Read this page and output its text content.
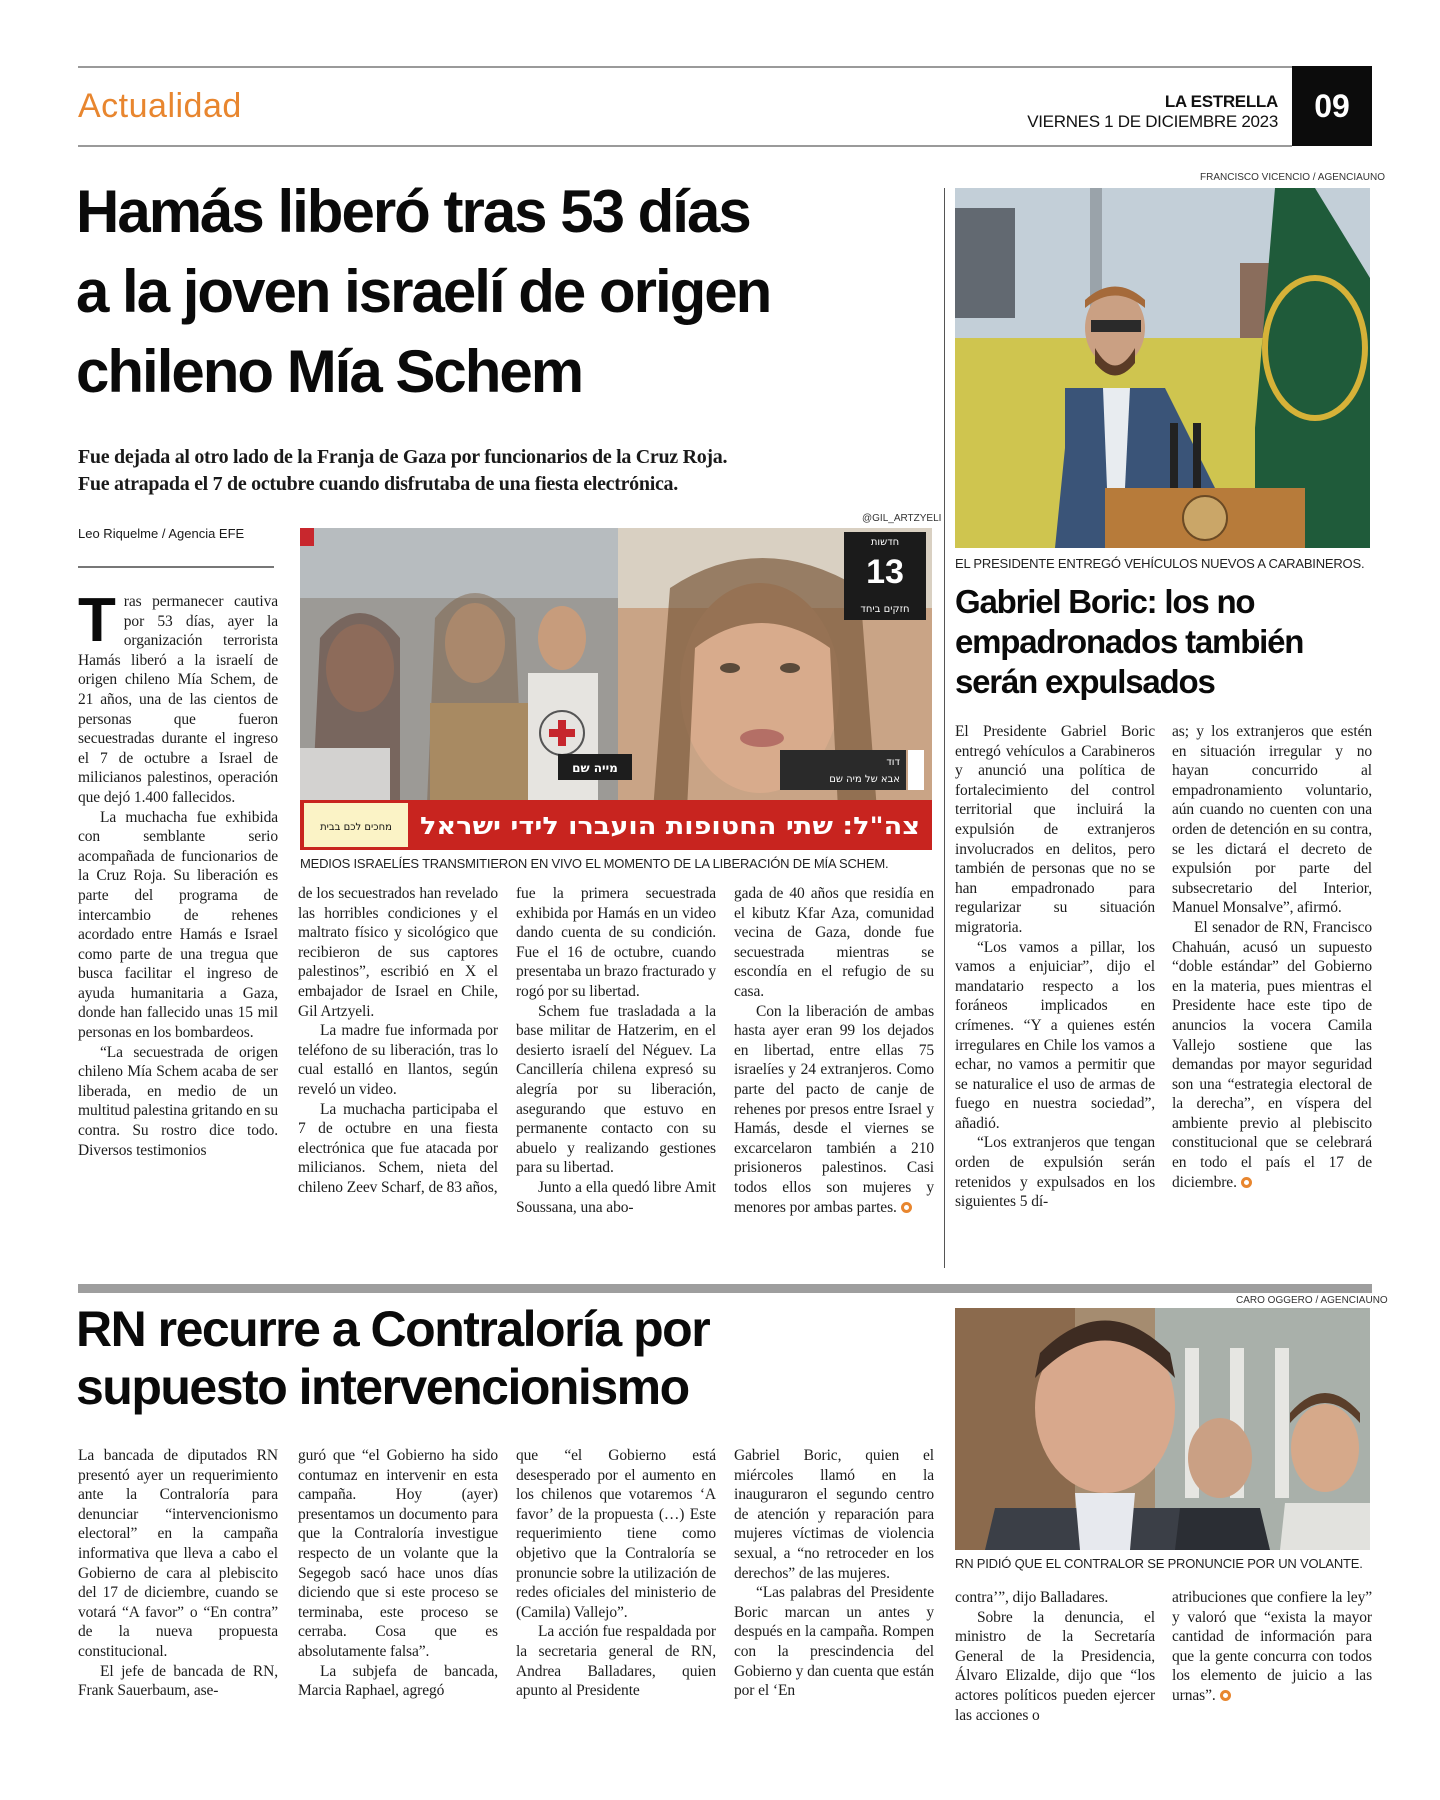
Actualidad	LA ESTRELLA
VIERNES 1 DE DICIEMBRE 2023	09
Hamás liberó tras 53 días
a la joven israelí de origen
chileno Mía Schem
Fue dejada al otro lado de la Franja de Gaza por funcionarios de la Cruz Roja.
Fue atrapada el 7 de octubre cuando disfrutaba de una fiesta electrónica.
Leo Riquelme / Agencia EFE
@GIL_ARTZYELI
חדשות
13
חזקים ביחד
מייה שם	דוד
אבא של מיה שם
מחכים לכם בבית צה"ל: שתי החטופות הועברו לידי ישראל
MEDIOS ISRAELÍES TRANSMITIERON EN VIVO EL MOMENTO DE LA LIBERACIÓN DE MÍA SCHEM.

Tras permanecer cautiva por 53 días, ayer la organización terrorista Hamás liberó a la israelí de origen chileno Mía Schem, de 21 años, una de las cientos de personas que fueron secuestradas durante el ingreso el 7 de octubre a Israel de milicianos palestinos, operación que dejó 1.400 fallecidos.

La muchacha fue exhibida con semblante serio acompañada de funcionarios de la Cruz Roja. Su liberación es parte del programa de intercambio de rehenes acordado entre Hamás e Israel como parte de una tregua que busca facilitar el ingreso de ayuda humanitaria a Gaza, donde han fallecido unas 15 mil personas en los bombardeos.

“La secuestrada de origen chileno Mía Schem acaba de ser liberada, en medio de un multitud palestina gritando en su contra. Su rostro dice todo. Diversos testimonios

de los secuestrados han revelado las horribles condiciones y el maltrato físico y sicológico que recibieron de sus captores palestinos”, escribió en X el embajador de Israel en Chile, Gil Artzyeli.

La madre fue informada por teléfono de su liberación, tras lo cual estalló en llantos, según reveló un video.

La muchacha participaba el 7 de octubre en una fiesta electrónica que fue atacada por milicianos. Schem, nieta del chileno Zeev Scharf, de 83 años,

fue la primera secuestrada exhibida por Hamás en un video dando cuenta de su condición. Fue el 16 de octubre, cuando presentaba un brazo fracturado y rogó por su libertad.

Schem fue trasladada a la base militar de Hatzerim, en el desierto israelí del Néguev. La Cancillería chilena expresó su alegría por su liberación, asegurando que estuvo en permanente contacto con su abuelo y realizando gestiones para su libertad.

Junto a ella quedó libre Amit Soussana, una abo-

gada de 40 años que residía en el kibutz Kfar Aza, comunidad vecina de Gaza, donde fue secuestrada mientras se escondía en el refugio de su casa.

Con la liberación de ambas hasta ayer eran 99 los dejados en libertad, entre ellas 75 israelíes y 24 extranjeros. Como parte del pacto de canje de rehenes por presos entre Israel y Hamás, desde el viernes se excarcelaron también a 210 prisioneros palestinos. Casi todos ellos son mujeres y menores por ambas partes.

FRANCISCO VICENCIO / AGENCIAUNO
EL PRESIDENTE ENTREGÓ VEHÍCULOS NUEVOS A CARABINEROS.
Gabriel Boric: los no
empadronados también
serán expulsados

El Presidente Gabriel Boric entregó vehículos a Carabineros y anunció una política de fortalecimiento del control territorial que incluirá la expulsión de extranjeros involucrados en delitos, pero también de personas que no se han empadronado para regularizar su situación migratoria.

“Los vamos a pillar, los vamos a enjuiciar”, dijo el mandatario respecto a los foráneos implicados en crímenes. “Y a quienes estén irregulares en Chile los vamos a echar, no vamos a permitir que se naturalice el uso de armas de fuego en nuestra sociedad”, añadió.

“Los extranjeros que tengan orden de expulsión serán retenidos y expulsados en los siguientes 5 dí-

as; y los extranjeros que estén en situación irregular y no hayan concurrido al empadronamiento voluntario, aún cuando no cuenten con una orden de detención en su contra, se les dictará el decreto de expulsión por parte del subsecretario del Interior, Manuel Monsalve”, afirmó.

El senador de RN, Francisco Chahuán, acusó un supuesto “doble estándar” del Gobierno en la materia, pues mientras el Presidente hace este tipo de anuncios la vocera Camila Vallejo sostiene que las demandas por mayor seguridad son una “estrategia electoral de la derecha”, en víspera del ambiente previo al plebiscito constitucional que se celebrará en todo el país el 17 de diciembre.

RN recurre a Contraloría por
supuesto intervencionismo
CARO OGGERO / AGENCIAUNO
RN PIDIÓ QUE EL CONTRALOR SE PRONUNCIE POR UN VOLANTE.

La bancada de diputados RN presentó ayer un requerimiento ante la Contraloría para denunciar “intervencionismo electoral” en la campaña informativa que lleva a cabo el Gobierno de cara al plebiscito del 17 de diciembre, cuando se votará “A favor” o “En contra” de la nueva propuesta constitucional.

El jefe de bancada de RN, Frank Sauerbaum, ase-

guró que “el Gobierno ha sido contumaz en intervenir en esta campaña. Hoy (ayer) presentamos un documento para que la Contraloría investigue respecto de un volante que la Segegob sacó hace unos días diciendo que si este proceso se terminaba, este proceso se cerraba. Cosa que es absolutamente falsa”.

La subjefa de bancada, Marcia Raphael, agregó

que “el Gobierno está desesperado por el aumento en los chilenos que votaremos ‘A favor’ de la propuesta (…) Este requerimiento tiene como objetivo que la Contraloría se pronuncie sobre la utilización de redes oficiales del ministerio de (Camila) Vallejo”.

La acción fue respaldada por la secretaria general de RN, Andrea Balladares, quien apunto al Presidente

Gabriel Boric, quien el miércoles llamó en la inauguraron el segundo centro de atención y reparación para mujeres víctimas de violencia sexual, a “no retroceder en los derechos” de las mujeres.

“Las palabras del Presidente Boric marcan un antes y después en la campaña. Rompen con la prescindencia del Gobierno y dan cuenta que están por el ‘En

contra’”, dijo Balladares.

Sobre la denuncia, el ministro de la Secretaría General de la Presidencia, Álvaro Elizalde, dijo que “los actores políticos pueden ejercer las acciones o

atribuciones que confiere la ley” y valoró que “exista la mayor cantidad de información para que la gente concurra con todos los elemento de juicio a las urnas”.
